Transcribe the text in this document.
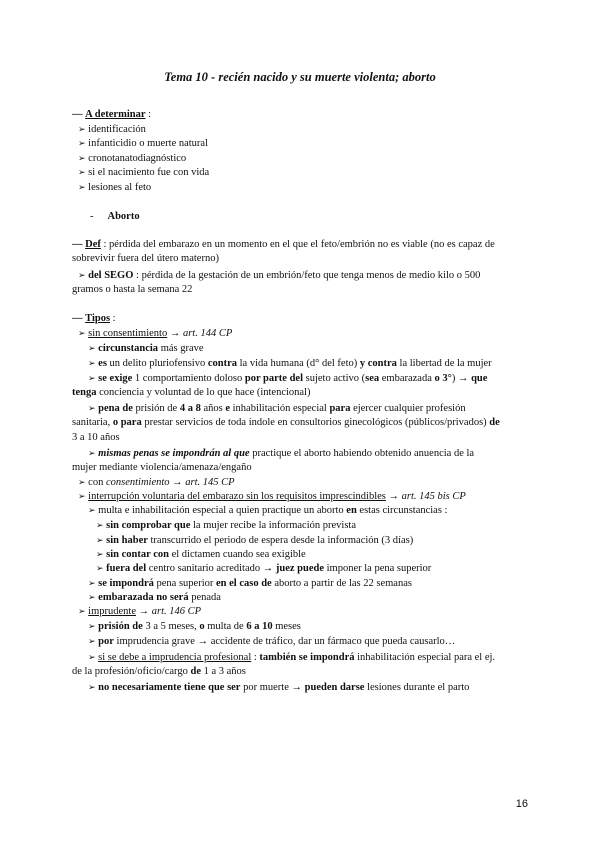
Tema 10 - recién nacido y su muerte violenta; aborto
— A determinar :
➢ identificación
➢ infanticidio o muerte natural
➢ cronotanatodiagnóstico
➢ si el nacimiento fue con vida
➢ lesiones al feto
- Aborto
— Def : pérdida del embarazo en un momento en el que el feto/embrión no es viable (no es capaz de
sobrevivir fuera del útero materno)
➢ del SEGO : pérdida de la gestación de un embrión/feto que tenga menos de medio kilo o 500
gramos o hasta la semana 22
— Tipos :
➢ sin consentimiento → art. 144 CP
➢ circunstancia más grave
➢ es un delito pluriofensivo contra la vida humana (d° del feto) y contra la libertad de la mujer
➢ se exige 1 comportamiento doloso por parte del sujeto activo (sea embarazada o 3°) → que
tenga conciencia y voluntad de lo que hace (intencional)
➢ pena de prisión de 4 a 8 años e inhabilitación especial para ejercer cualquier profesión
sanitaria, o para prestar servicios de toda índole en consultorios ginecológicos (públicos/privados) de
3 a 10 años
➢ mismas penas se impondrán al que practique el aborto habiendo obtenido anuencia de la
mujer mediante violencia/amenaza/engaño
➢ con consentimiento → art. 145 CP
➢ interrupción voluntaria del embarazo sin los requisitos imprescindibles → art. 145 bis CP
➢ multa e inhabilitación especial a quien practique un aborto en estas circunstancias :
➢ sin comprobar que la mujer recibe la información prevista
➢ sin haber transcurrido el periodo de espera desde la información (3 días)
➢ sin contar con el dictamen cuando sea exigible
➢ fuera del centro sanitario acreditado → juez puede imponer la pena superior
➢ se impondrá pena superior en el caso de aborto a partir de las 22 semanas
➢ embarazada no será penada
➢ imprudente → art. 146 CP
➢ prisión de 3 a 5 meses, o multa de 6 a 10 meses
➢ por imprudencia grave → accidente de tráfico, dar un fármaco que pueda causarlo…
➢ si se debe a imprudencia profesional : también se impondrá inhabilitación especial para el ej.
de la profesión/oficio/cargo de 1 a 3 años
➢ no necesariamente tiene que ser por muerte → pueden darse lesiones durante el parto
16
